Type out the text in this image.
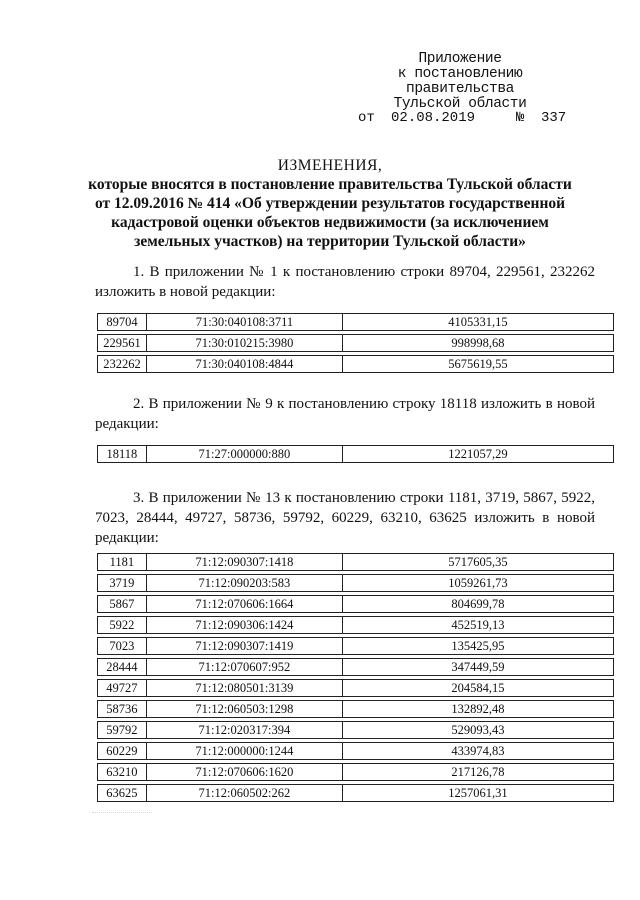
Приложение
к постановлению правительства
Тульской области
от 02.08.2019	№ 337
ИЗМЕНЕНИЯ,
которые вносятся в постановление правительства Тульской области от 12.09.2016 № 414 «Об утверждении результатов государственной кадастровой оценки объектов недвижимости (за исключением земельных участков) на территории Тульской области»
1. В приложении № 1 к постановлению строки 89704, 229561, 232262 изложить в новой редакции:
89704	71:30:040108:3711	4105331,15
229561	71:30:010215:3980	998998,68
232262	71:30:040108:4844	5675619,55
2. В приложении № 9 к постановлению строку 18118 изложить в новой редакции:
18118	71:27:000000:880	1221057,29
3. В приложении № 13 к постановлению строки 1181, 3719, 5867, 5922, 7023, 28444, 49727, 58736, 59792, 60229, 63210, 63625 изложить в новой редакции:
1181	71:12:090307:1418	5717605,35
3719	71:12:090203:583	1059261,73
5867	71:12:070606:1664	804699,78
5922	71:12:090306:1424	452519,13
7023	71:12:090307:1419	135425,95
28444	71:12:070607:952	347449,59
49727	71:12:080501:3139	204584,15
58736	71:12:060503:1298	132892,48
59792	71:12:020317:394	529093,43
60229	71:12:000000:1244	433974,83
63210	71:12:070606:1620	217126,78
63625	71:12:060502:262	1257061,31
